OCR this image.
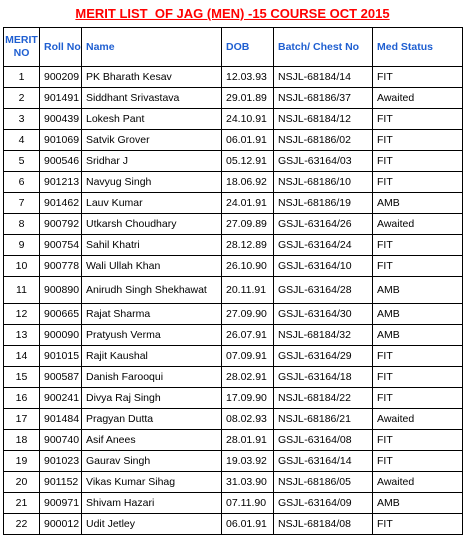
MERIT LIST  OF JAG (MEN) -15 COURSE OCT 2015
MERIT
NO	Roll No	Name	DOB	Batch/ Chest No	Med Status
1	900209	PK Bharath Kesav	12.03.93	NSJL-68184/14	FIT
2	901491	Siddhant Srivastava	29.01.89	NSJL-68186/37	Awaited
3	900439	Lokesh Pant	24.10.91	NSJL-68184/12	FIT
4	901069	Satvik Grover	06.01.91	NSJL-68186/02	FIT
5	900546	Sridhar J	05.12.91	GSJL-63164/03	FIT
6	901213	Navyug Singh	18.06.92	NSJL-68186/10	FIT
7	901462	Lauv Kumar	24.01.91	NSJL-68186/19	AMB
8	900792	Utkarsh Choudhary	27.09.89	GSJL-63164/26	Awaited
9	900754	Sahil Khatri	28.12.89	GSJL-63164/24	FIT
10	900778	Wali Ullah Khan	26.10.90	GSJL-63164/10	FIT
11	900890	Anirudh Singh Shekhawat	20.11.91	GSJL-63164/28	AMB
12	900665	Rajat Sharma	27.09.90	GSJL-63164/30	AMB
13	900090	Pratyush Verma	26.07.91	NSJL-68184/32	AMB
14	901015	Rajit Kaushal	07.09.91	GSJL-63164/29	FIT
15	900587	Danish Farooqui	28.02.91	GSJL-63164/18	FIT
16	900241	Divya Raj Singh	17.09.90	NSJL-68184/22	FIT
17	901484	Pragyan Dutta	08.02.93	NSJL-68186/21	Awaited
18	900740	Asif Anees	28.01.91	GSJL-63164/08	FIT
19	901023	Gaurav Singh	19.03.92	GSJL-63164/14	FIT
20	901152	Vikas Kumar Sihag	31.03.90	NSJL-68186/05	Awaited
21	900971	Shivam Hazari	07.11.90	GSJL-63164/09	AMB
22	900012	Udit Jetley	06.01.91	NSJL-68184/08	FIT
